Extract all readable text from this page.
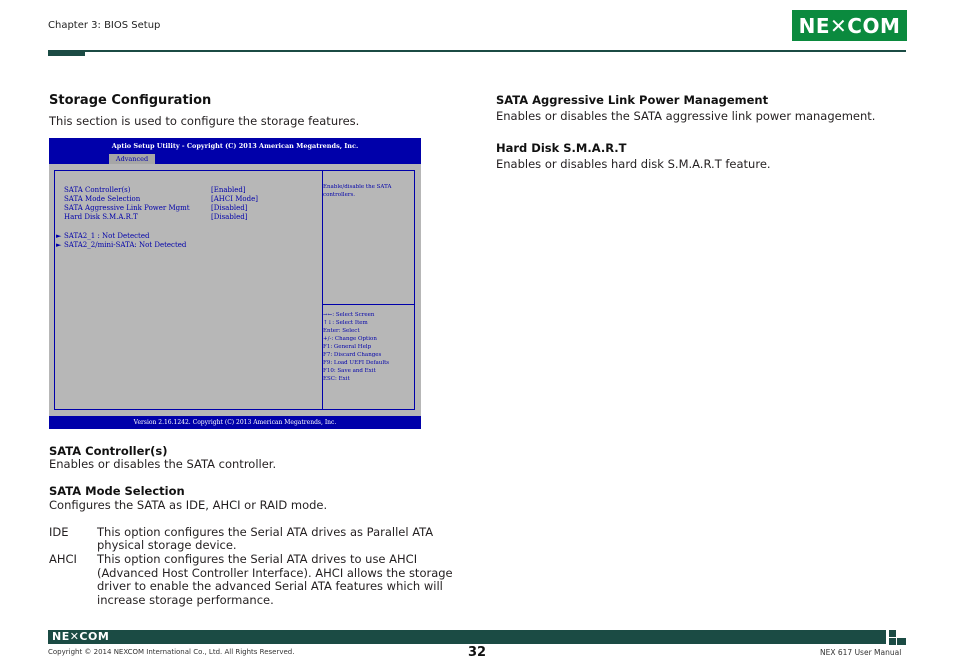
Chapter 3: BIOS Setup	NE✕COM
Storage Configuration
This section is used to configure the storage features.
Aptio Setup Utility - Copyright (C) 2013 American Megatrends, Inc.
Advanced
SATA Controller(s)	[Enabled]
SATA Mode Selection	[AHCI Mode]
SATA Aggressive Link Power Mgmt	[Disabled]
Hard Disk S.M.A.R.T	[Disabled]
► SATA2_1 : Not Detected
► SATA2_2/mini-SATA: Not Detected
Enable/disable the SATA
controllers.
→←: Select Screen
↑↓: Select Item
Enter: Select
+/-: Change Option
F1: General Help
F7: Discard Changes
F9: Load UEFI Defaults
F10: Save and Exit
ESC: Exit
Version 2.16.1242. Copyright (C) 2013 American Megatrends, Inc.
SATA Controller(s)
Enables or disables the SATA controller.
SATA Mode Selection
Configures the SATA as IDE, AHCI or RAID mode.
IDE This option configures the Serial ATA drives as Parallel ATA
physical storage device.
AHCI This option configures the Serial ATA drives to use AHCI
(Advanced Host Controller Interface). AHCI allows the storage
driver to enable the advanced Serial ATA features which will
increase storage performance.
SATA Aggressive Link Power Management
Enables or disables the SATA aggressive link power management.
Hard Disk S.M.A.R.T
Enables or disables hard disk S.M.A.R.T feature.
NE✕COM
Copyright © 2014 NEXCOM International Co., Ltd. All Rights Reserved.	32	NEX 617 User Manual
